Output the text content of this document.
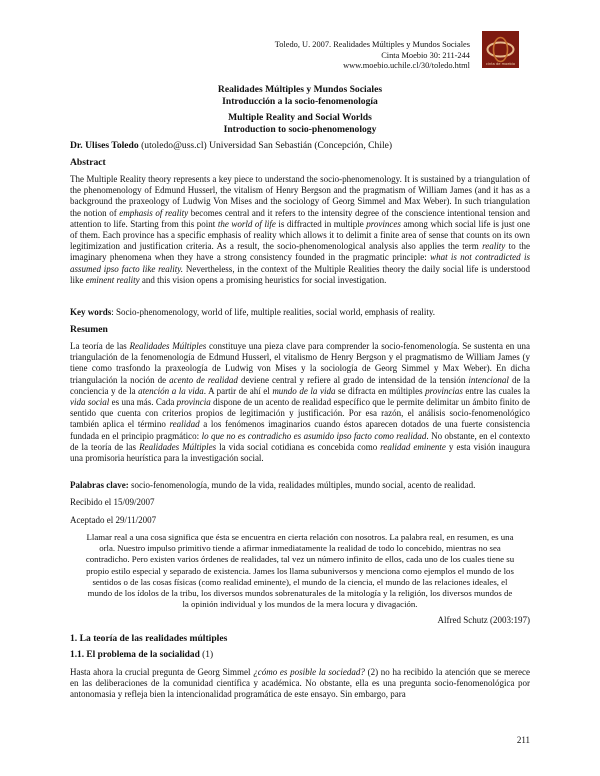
Toledo, U. 2007. Realidades Múltiples y Mundos Sociales
Cinta Moebio 30: 211-244
www.moebio.uchile.cl/30/toledo.html	cinta de moebio
Realidades Múltiples y Mundos Sociales
Introducción a la socio-fenomenología
Multiple Reality and Social Worlds
Introduction to socio-phenomenology
Dr. Ulises Toledo (utoledo@uss.cl) Universidad San Sebastián (Concepción, Chile)
Abstract
The Multiple Reality theory represents a key piece to understand the socio-phenomenology. It is sustained by a triangulation of the phenomenology of Edmund Husserl, the vitalism of Henry Bergson and the pragmatism of William James (and it has as a background the praxeology of Ludwig Von Mises and the sociology of Georg Simmel and Max Weber). In such triangulation the notion of emphasis of reality becomes central and it refers to the intensity degree of the conscience intentional tension and attention to life. Starting from this point the world of life is diffracted in multiple provinces among which social life is just one of them. Each province has a specific emphasis of reality which allows it to delimit a finite area of sense that counts on its own legitimization and justification criteria. As a result, the socio-phenomenological analysis also applies the term reality to the imaginary phenomena when they have a strong consistency founded in the pragmatic principle: what is not contradicted is assumed ipso facto like reality. Nevertheless, in the context of the Multiple Realities theory the daily social life is understood like eminent reality and this vision opens a promising heuristics for social investigation.
Key words: Socio-phenomenology, world of life, multiple realities, social world, emphasis of reality.
Resumen
La teoría de las Realidades Múltiples constituye una pieza clave para comprender la socio-fenomenología. Se sustenta en una triangulación de la fenomenología de Edmund Husserl, el vitalismo de Henry Bergson y el pragmatismo de William James (y tiene como trasfondo la praxeología de Ludwig von Mises y la sociología de Georg Simmel y Max Weber). En dicha triangulación la noción de acento de realidad deviene central y refiere al grado de intensidad de la tensión intencional de la conciencia y de la atención a la vida. A partir de ahí el mundo de la vida se difracta en múltiples provincias entre las cuales la vida social es una más. Cada provincia dispone de un acento de realidad específico que le permite delimitar un ámbito finito de sentido que cuenta con criterios propios de legitimación y justificación. Por esa razón, el análisis socio-fenomenológico también aplica el término realidad a los fenómenos imaginarios cuando éstos aparecen dotados de una fuerte consistencia fundada en el principio pragmático: lo que no es contradicho es asumido ipso facto como realidad. No obstante, en el contexto de la teoría de las Realidades Múltiples la vida social cotidiana es concebida como realidad eminente y esta visión inaugura una promisoria heurística para la investigación social.
Palabras clave: socio-fenomenología, mundo de la vida, realidades múltiples, mundo social, acento de realidad.
Recibido el 15/09/2007
Aceptado el 29/11/2007
Llamar real a una cosa significa que ésta se encuentra en cierta relación con nosotros. La palabra real, en resumen, es una orla. Nuestro impulso primitivo tiende a afirmar inmediatamente la realidad de todo lo concebido, mientras no sea contradicho. Pero existen varios órdenes de realidades, tal vez un número infinito de ellos, cada uno de los cuales tiene su propio estilo especial y separado de existencia. James los llama subuniversos y menciona como ejemplos el mundo de los sentidos o de las cosas físicas (como realidad eminente), el mundo de la ciencia, el mundo de las relaciones ideales, el mundo de los ídolos de la tribu, los diversos mundos sobrenaturales de la mitología y la religión, los diversos mundos de la opinión individual y los mundos de la mera locura y divagación.
Alfred Schutz (2003:197)
1. La teoría de las realidades múltiples
1.1. El problema de la socialidad (1)
Hasta ahora la crucial pregunta de Georg Simmel ¿cómo es posible la sociedad? (2) no ha recibido la atención que se merece en las deliberaciones de la comunidad científica y académica. No obstante, ella es una pregunta socio-fenomenológica por antonomasia y refleja bien la intencionalidad programática de este ensayo. Sin embargo, para
211
